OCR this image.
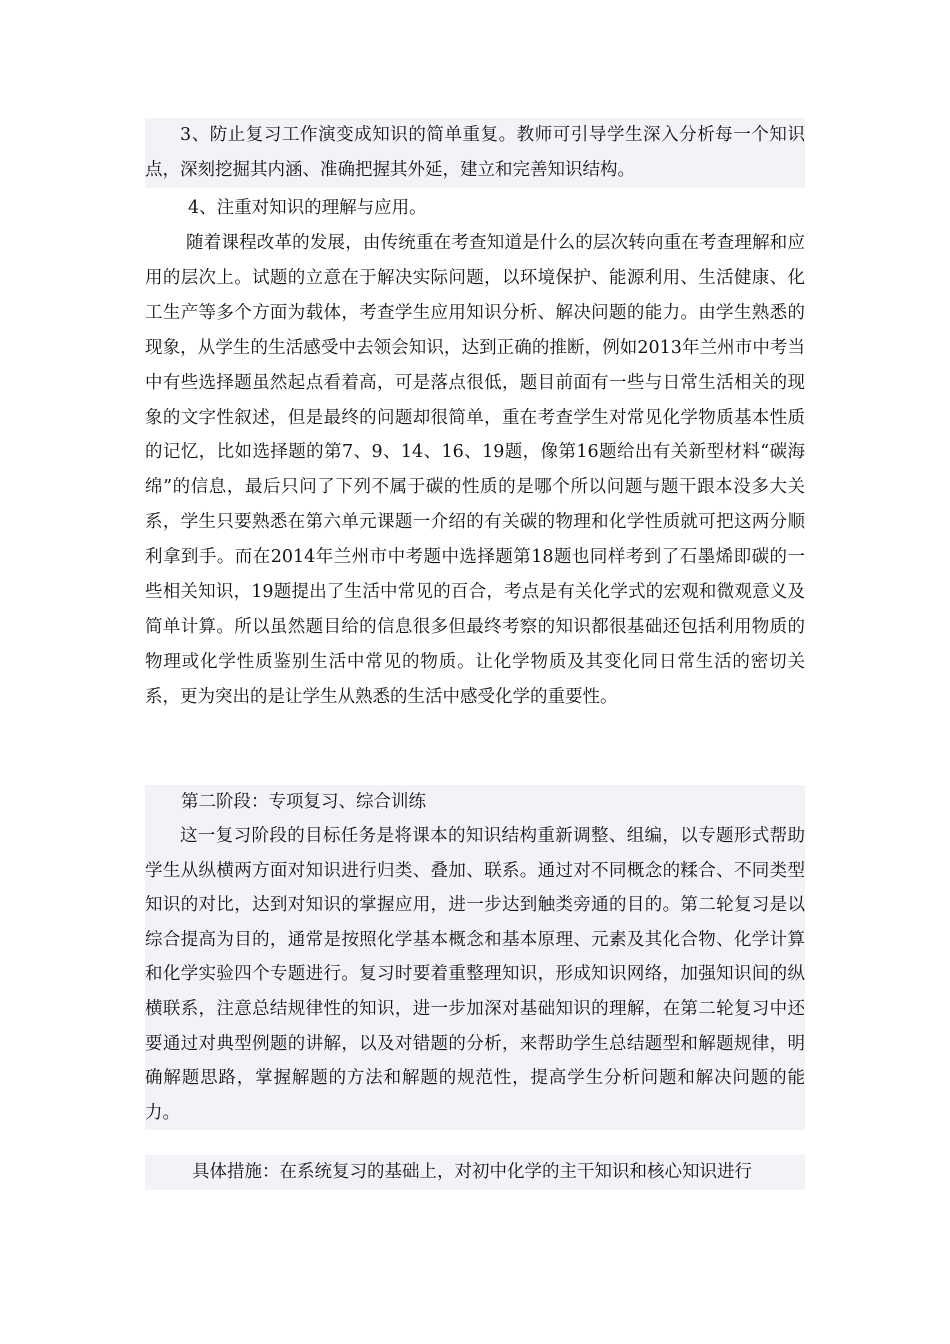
3、防止复习工作演变成知识的简单重复。教师可引导学生深入分析每一个知识点，深刻挖掘其内涵、准确把握其外延，建立和完善知识结构。

4、注重对知识的理解与应用。

随着课程改革的发展，由传统重在考查知道是什么的层次转向重在考查理解和应用的层次上。试题的立意在于解决实际问题，以环境保护、能源利用、生活健康、化工生产等多个方面为载体，考查学生应用知识分析、解决问题的能力。由学生熟悉的现象，从学生的生活感受中去领会知识，达到正确的推断，例如2013年兰州市中考当中有些选择题虽然起点看着高，可是落点很低，题目前面有一些与日常生活相关的现象的文字性叙述，但是最终的问题却很简单，重在考查学生对常见化学物质基本性质的记忆，比如选择题的第7、9、14、16、19题，像第16题给出有关新型材料“碳海绵”的信息，最后只问了下列不属于碳的性质的是哪个所以问题与题干跟本没多大关系，学生只要熟悉在第六单元课题一介绍的有关碳的物理和化学性质就可把这两分顺利拿到手。而在2014年兰州市中考题中选择题第18题也同样考到了石墨烯即碳的一些相关知识，19题提出了生活中常见的百合，考点是有关化学式的宏观和微观意义及简单计算。所以虽然题目给的信息很多但最终考察的知识都很基础还包括利用物质的物理或化学性质鉴别生活中常见的物质。让化学物质及其变化同日常生活的密切关系，更为突出的是让学生从熟悉的生活中感受化学的重要性。

第二阶段：专项复习、综合训练

这一复习阶段的目标任务是将课本的知识结构重新调整、组编，以专题形式帮助学生从纵横两方面对知识进行归类、叠加、联系。通过对不同概念的糅合、不同类型知识的对比，达到对知识的掌握应用，进一步达到触类旁通的目的。第二轮复习是以综合提高为目的，通常是按照化学基本概念和基本原理、元素及其化合物、化学计算和化学实验四个专题进行。复习时要着重整理知识，形成知识网络，加强知识间的纵横联系，注意总结规律性的知识，进一步加深对基础知识的理解，在第二轮复习中还要通过对典型例题的讲解，以及对错题的分析，来帮助学生总结题型和解题规律，明确解题思路，掌握解题的方法和解题的规范性，提高学生分析问题和解决问题的能力。

具体措施：在系统复习的基础上，对初中化学的主干知识和核心知识进行
